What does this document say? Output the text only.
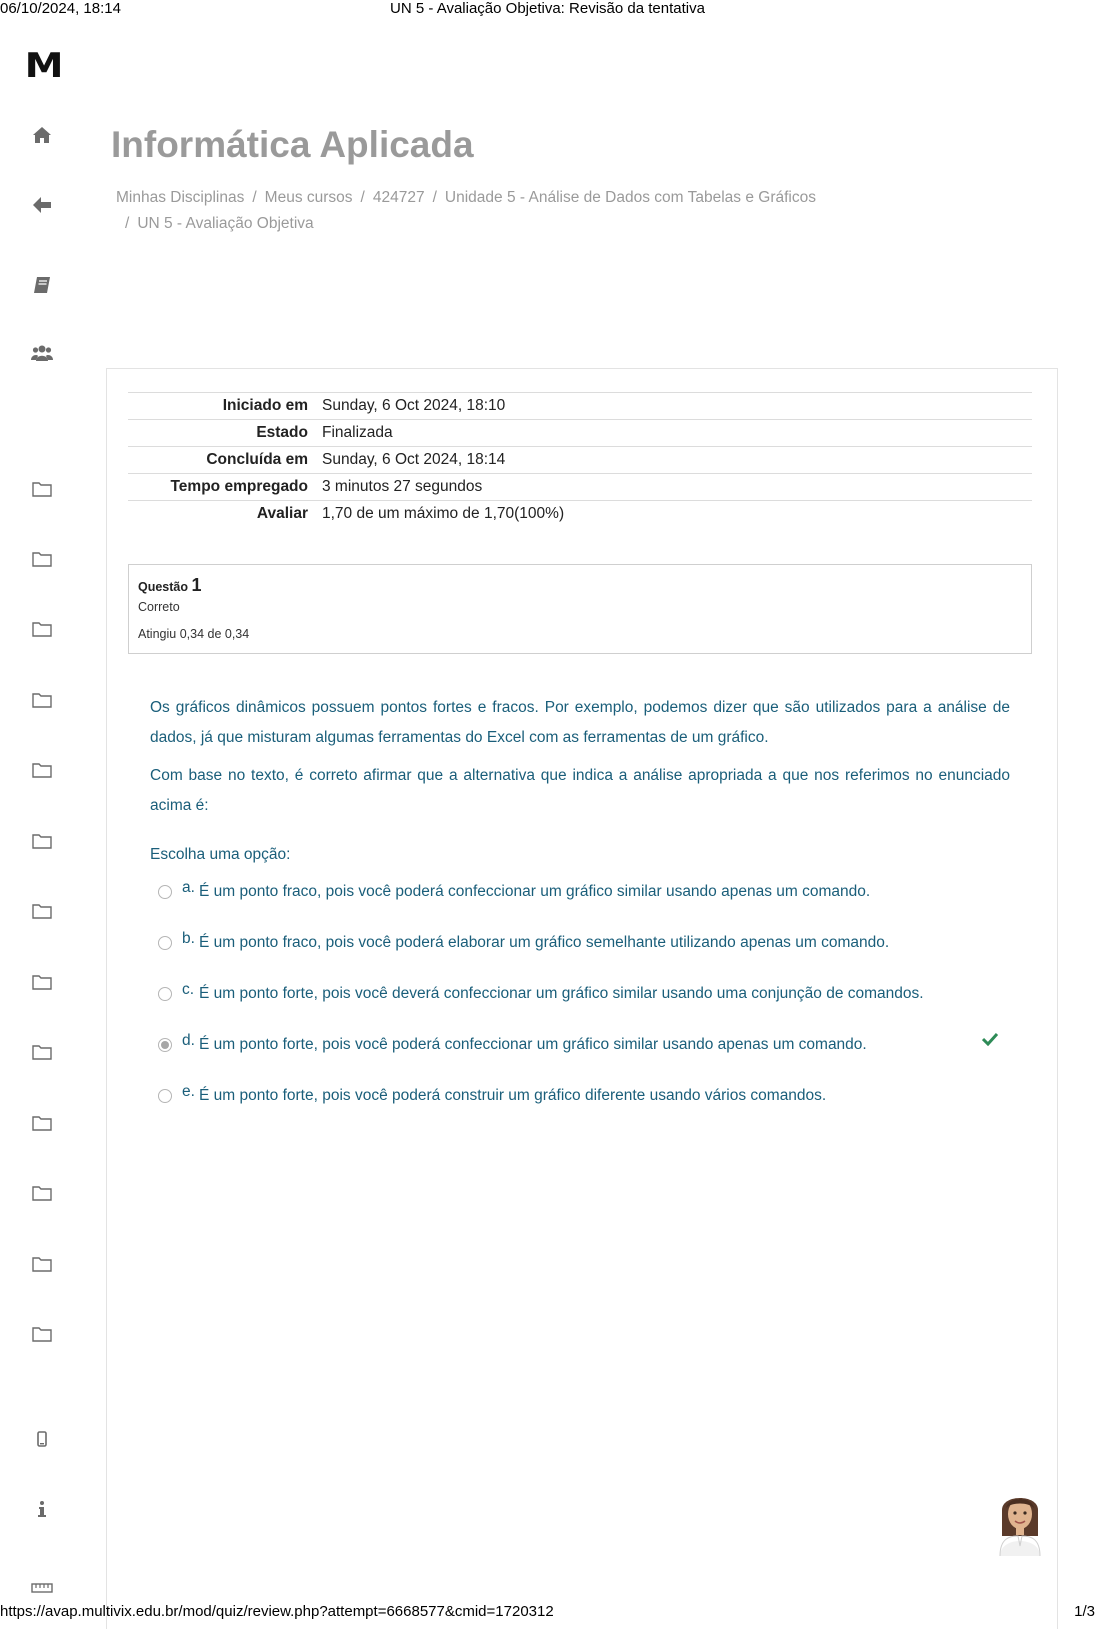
06/10/2024, 18:14	UN 5 - Avaliação Objetiva: Revisão da tentativa
M
Informática Aplicada
Minhas Disciplinas / Meus cursos / 424727 / Unidade 5 - Análise de Dados com Tabelas e Gráficos
/ UN 5 - Avaliação Objetiva
Iniciado em	Sunday, 6 Oct 2024, 18:10
Estado	Finalizada
Concluída em	Sunday, 6 Oct 2024, 18:14
Tempo empregado	3 minutos 27 segundos
Avaliar	1,70 de um máximo de 1,70(100%)
Questão 1
Correto
Atingiu 0,34 de 0,34
Os gráficos dinâmicos possuem pontos fortes e fracos. Por exemplo, podemos dizer que são utilizados para a análise de dados, já que misturam algumas ferramentas do Excel com as ferramentas de um gráfico.
Com base no texto, é correto afirmar que a alternativa que indica a análise apropriada a que nos referimos no enunciado acima é:
Escolha uma opção:
a. É um ponto fraco, pois você poderá confeccionar um gráfico similar usando apenas um comando.
b. É um ponto fraco, pois você poderá elaborar um gráfico semelhante utilizando apenas um comando.
c. É um ponto forte, pois você deverá confeccionar um gráfico similar usando uma conjunção de comandos.
d. É um ponto forte, pois você poderá confeccionar um gráfico similar usando apenas um comando.
e. É um ponto forte, pois você poderá construir um gráfico diferente usando vários comandos.
https://avap.multivix.edu.br/mod/quiz/review.php?attempt=6668577&cmid=1720312	1/3
